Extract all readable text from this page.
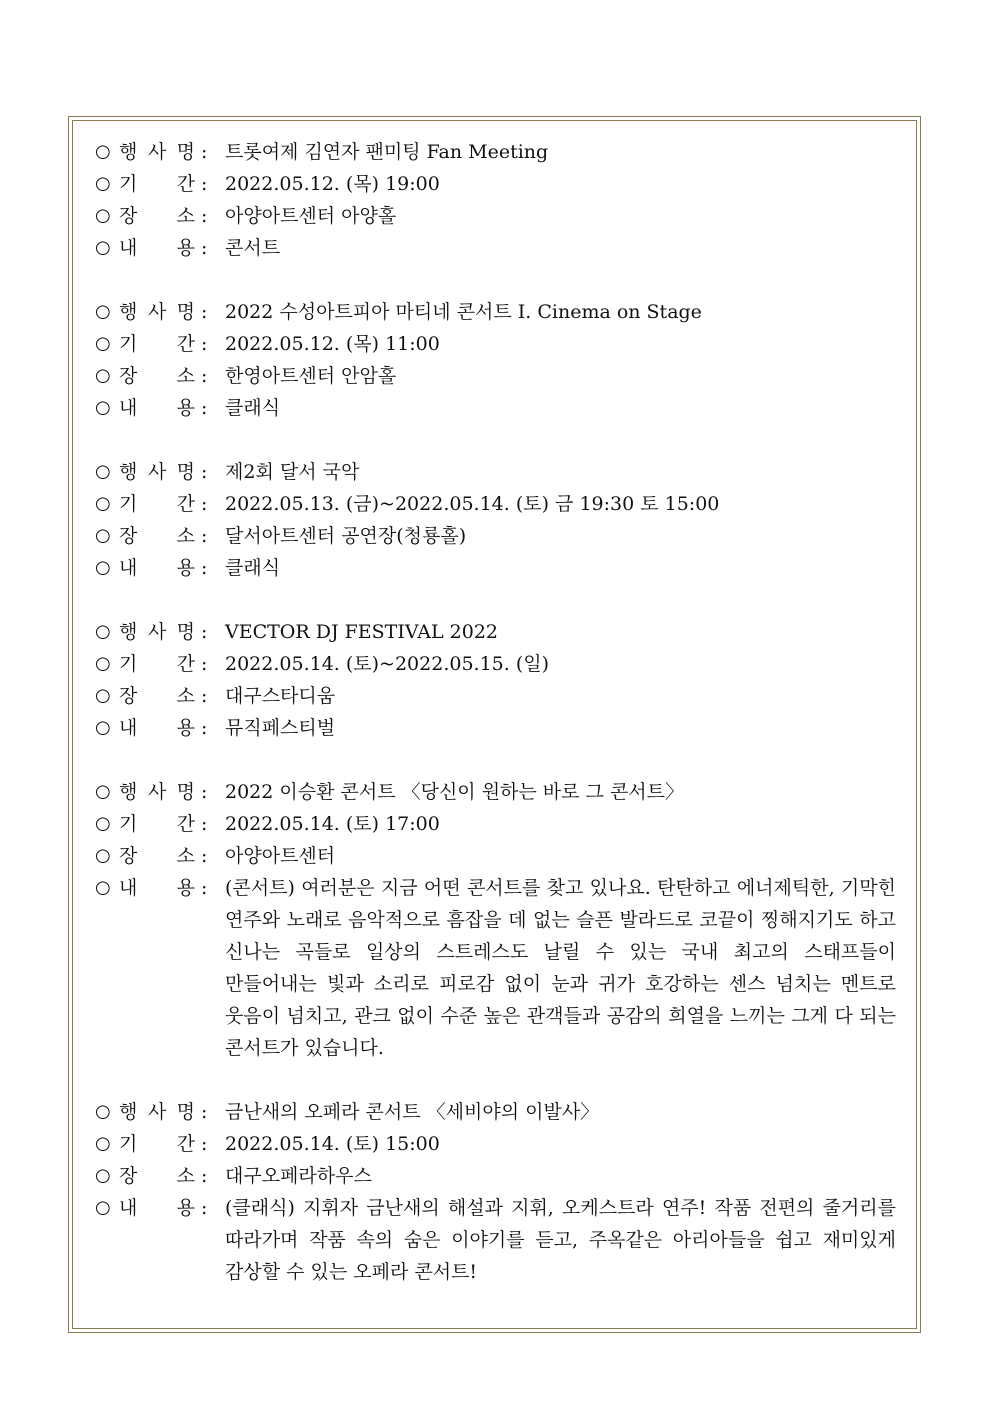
○ 행 사 명 : 트롯여제 김연자 팬미팅 Fan Meeting
○ 기 간 : 2022.05.12. (목) 19:00
○ 장 소 : 아양아트센터 아양홀
○ 내 용 : 콘서트
○ 행 사 명 : 2022 수성아트피아 마티네 콘서트 Ⅰ. Cinema on Stage
○ 기 간 : 2022.05.12. (목) 11:00
○ 장 소 : 한영아트센터 안암홀
○ 내 용 : 클래식
○ 행 사 명 : 제2회 달서 국악
○ 기 간 : 2022.05.13. (금)~2022.05.14. (토) 금 19:30 토 15:00
○ 장 소 : 달서아트센터 공연장(청룡홀)
○ 내 용 : 클래식
○ 행 사 명 : VECTOR DJ FESTIVAL 2022
○ 기 간 : 2022.05.14. (토)~2022.05.15. (일)
○ 장 소 : 대구스타디움
○ 내 용 : 뮤직페스티벌
○ 행 사 명 : 2022 이승환 콘서트 〈당신이 원하는 바로 그 콘서트〉
○ 기 간 : 2022.05.14. (토) 17:00
○ 장 소 : 아양아트센터
○ 내 용 : (콘서트) 여러분은 지금 어떤 콘서트를 찾고 있나요. 탄탄하고 에너제틱한, 기막힌 연주와 노래로 음악적으로 흠잡을 데 없는 슬픈 발라드로 코끝이 찡해지기도 하고 신나는 곡들로 일상의 스트레스도 날릴 수 있는 국내 최고의 스태프들이 만들어내는 빛과 소리로 피로감 없이 눈과 귀가 호강하는 센스 넘치는 멘트로 웃음이 넘치고, 관크 없이 수준 높은 관객들과 공감의 희열을 느끼는 그게 다 되는 콘서트가 있습니다.
○ 행 사 명 : 금난새의 오페라 콘서트 〈세비야의 이발사〉
○ 기 간 : 2022.05.14. (토) 15:00
○ 장 소 : 대구오페라하우스
○ 내 용 : (클래식) 지휘자 금난새의 해설과 지휘, 오케스트라 연주! 작품 전편의 줄거리를 따라가며 작품 속의 숨은 이야기를 듣고, 주옥같은 아리아들을 쉽고 재미있게 감상할 수 있는 오페라 콘서트!
